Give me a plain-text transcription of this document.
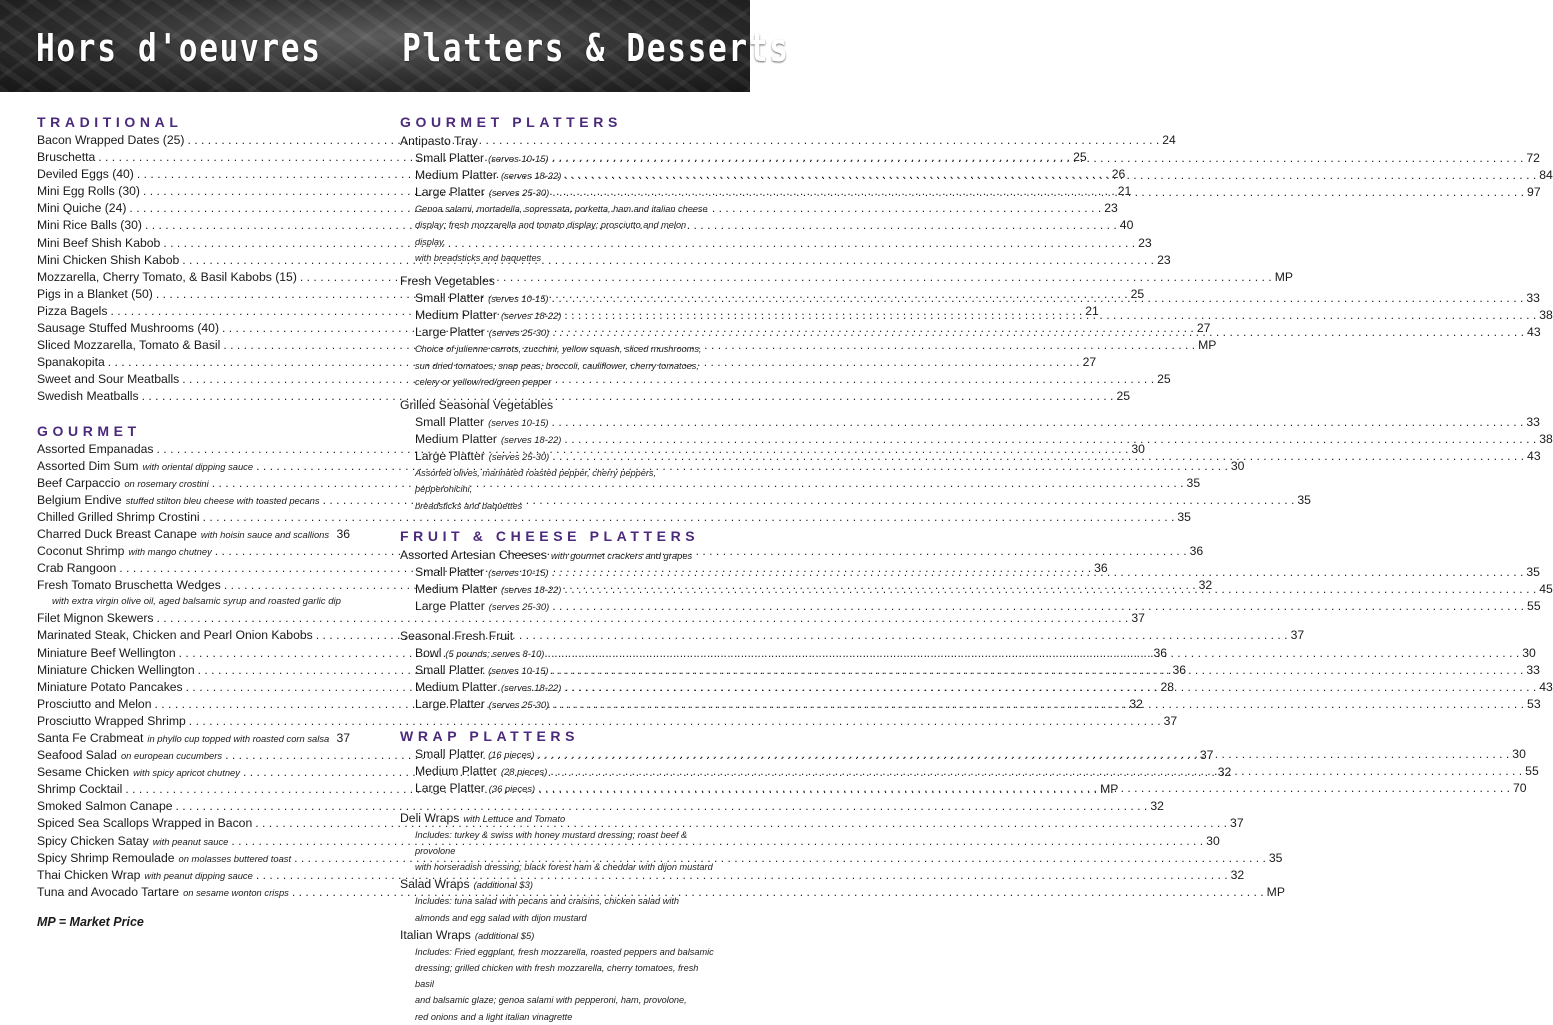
Hors d'oeuvres Platters & Desserts
TRADITIONAL
Bacon Wrapped Dates (25) . . .	24
Bruschetta . . .	25
Deviled Eggs (40) . . .	26
Mini Egg Rolls (30) . . .	21
Mini Quiche (24) . . .	23
Mini Rice Balls (30) . . .	40
Mini Beef Shish Kabob . . .	23
Mini Chicken Shish Kabob . . .	23
Mozzarella, Cherry Tomato, & Basil Kabobs (15) . . .	MP
Pigs in a Blanket (50) . . .	25
Pizza Bagels . . .	21
Sausage Stuffed Mushrooms (40) . . .	27
Sliced Mozzarella, Tomato & Basil . . .	MP
Spanakopita . . .	27
Sweet and Sour Meatballs . . .	25
Swedish Meatballs . . .	25
GOURMET
Assorted Empanadas . . .	30
Assorted Dim Sum with oriental dipping sauce . . .	30
Beef Carpaccio on rosemary crostini . . .	35
Belgium Endive stuffed stilton bleu cheese with toasted pecans . . .	35
Chilled Grilled Shrimp Crostini . . .	35
Charred Duck Breast Canape with hoisin sauce and scallions . . . 36
Coconut Shrimp with mango chutney . . .	36
Crab Rangoon . . .	36
Fresh Tomato Bruschetta Wedges . . .	32
with extra virgin olive oil, aged balsamic syrup and roasted garlic dip
Filet Mignon Skewers . . .	37
Marinated Steak, Chicken and Pearl Onion Kabobs . . .	37
Miniature Beef Wellington . . .	36
Miniature Chicken Wellington . . .	36
Miniature Potato Pancakes . . .	28
Prosciutto and Melon . . .	32
Prosciutto Wrapped Shrimp . . .	37
Santa Fe Crabmeat in phyllo cup topped with roasted corn salsa . . . 37
Seafood Salad on european cucumbers . . .	37
Sesame Chicken with spicy apricot chutney . . .	32
Shrimp Cocktail . . .	MP
Smoked Salmon Canape . . .	32
Spiced Sea Scallops Wrapped in Bacon . . .	37
Spicy Chicken Satay with peanut sauce . . .	30
Spicy Shrimp Remoulade on molasses buttered toast . . .	35
Thai Chicken Wrap with peanut dipping sauce . . .	32
Tuna and Avocado Tartare on sesame wonton crisps . . .	MP
MP = Market Price
GOURMET PLATTERS
Antipasto Tray
Small Platter (serves 10-15) . . .	72
Medium Platter (serves 18-22) . . .	84
Large Platter (serves 25-30) . . .	97
Genoa salami, mortadella, sopressata, porketta, ham and italian cheese
display; fresh mozzarella and tomato display; prosciutto and melon display,
with breadsticks and baquettes
Fresh Vegetables
Small Platter (serves 10-15) . . .	33
Medium Platter (serves 18-22) . . .	38
Large Platter (serves 25-30) . . .	43
Choice of julienne carrots, zucchini, yellow squash, sliced mushrooms,
sun dried tomatoes, snap peas, broccoli, cauliflower, cherry tomatoes,
celery or yellow/red/green pepper
Grilled Seasonal Vegetables
Small Platter (serves 10-15) . . .	33
Medium Platter (serves 18-22) . . .	38
Large Platter (serves 25-30) . . .	43
Assorted olives, marinated roasted pepper, cherry peppers, pepperonicini,
breadsticks and baquettes
FRUIT & CHEESE PLATTERS
Assorted Artesian Cheeses with gourmet crackers and grapes
Small Platter (serves 10-15) . . .	35
Medium Platter (serves 18-22) . . .	45
Large Platter (serves 25-30) . . .	55
Seasonal Fresh Fruit
Bowl (5 pounds; serves 8-10) . . .	30
Small Platter (serves 10-15) . . .	33
Medium Platter (serves 18-22) . . .	43
Large Platter (serves 25-30) . . .	53
WRAP PLATTERS
Small Platter (16 pieces) . . .	30
Medium Platter (28 pieces) . . .	55
Large Platter (36 pieces) . . .	70
Deli Wraps with Lettuce and Tomato
Includes: turkey & swiss with honey mustard dressing; roast beef & provolone
with horseradish dressing; black forest ham & cheddar with dijon mustard
Salad Wraps (additional $3)
Includes: tuna salad with pecans and craisins, chicken salad with
almonds and egg salad with dijon mustard
Italian Wraps (additional $5)
Includes: Fried eggplant, fresh mozzarella, roasted peppers and balsamic
dressing; grilled chicken with fresh mozzarella, cherry tomatoes, fresh basil
and balsamic glaze; genoa salami with pepperoni, ham, provolone,
red onions and a light italian vinagrette
